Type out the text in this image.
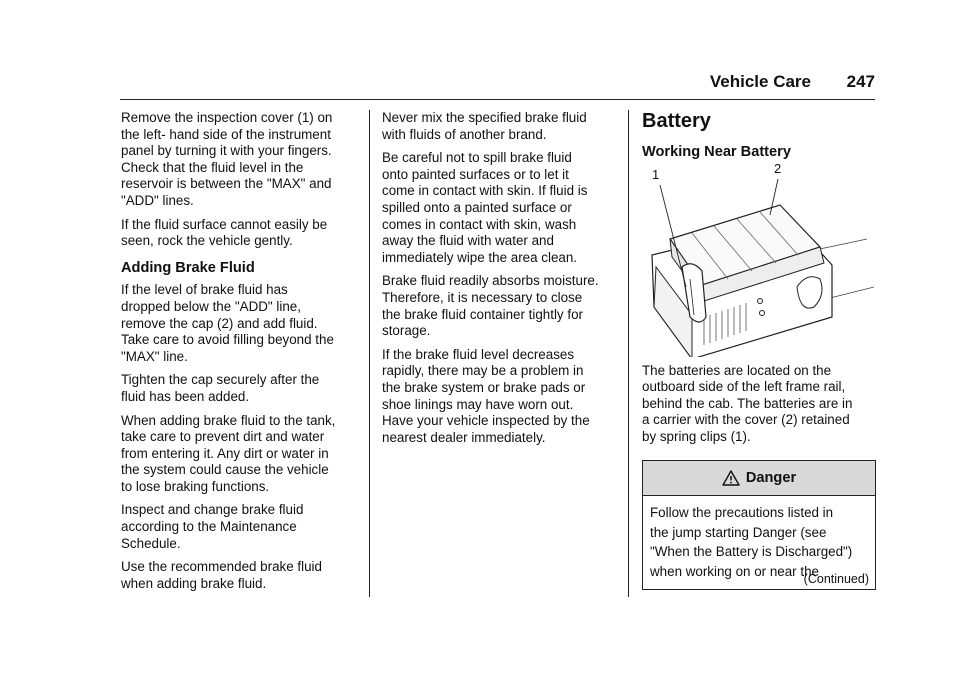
Vehicle Care 247

Remove the inspection cover (1) on
the left- hand side of the instrument
panel by turning it with your fingers.
Check that the fluid level in the
reservoir is between the "MAX" and
"ADD" lines.

If the fluid surface cannot easily be
seen, rock the vehicle gently.

Adding Brake Fluid

If the level of brake fluid has
dropped below the "ADD" line,
remove the cap (2) and add fluid.
Take care to avoid filling beyond the
"MAX" line.

Tighten the cap securely after the
fluid has been added.

When adding brake fluid to the tank,
take care to prevent dirt and water
from entering it. Any dirt or water in
the system could cause the vehicle
to lose braking functions.

Inspect and change brake fluid
according to the Maintenance
Schedule.

Use the recommended brake fluid
when adding brake fluid.

Never mix the specified brake fluid
with fluids of another brand.

Be careful not to spill brake fluid
onto painted surfaces or to let it
come in contact with skin. If fluid is
spilled onto a painted surface or
comes in contact with skin, wash
away the fluid with water and
immediately wipe the area clean.

Brake fluid readily absorbs moisture.
Therefore, it is necessary to close
the brake fluid container tightly for
storage.

If the brake fluid level decreases
rapidly, there may be a problem in
the brake system or brake pads or
shoe linings may have worn out.
Have your vehicle inspected by the
nearest dealer immediately.

Battery
Working Near Battery
1	2

The batteries are located on the
outboard side of the left frame rail,
behind the cab. The batteries are in
a carrier with the cover (2) retained
by spring clips (1).

Danger
Follow the precautions listed in
the jump starting Danger (see
"When the Battery is Discharged")
when working on or near the
(Continued)
